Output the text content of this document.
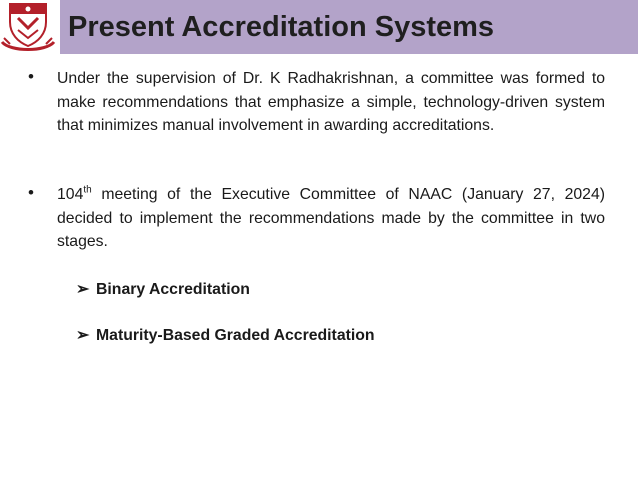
Present Accreditation Systems
• Under the supervision of Dr. K Radhakrishnan, a committee was formed to make recommendations that emphasize a simple, technology-driven system that minimizes manual involvement in awarding accreditations.
• 104th meeting of the Executive Committee of NAAC (January 27, 2024) decided to implement the recommendations made by the committee in two stages.
➢ Binary Accreditation
➢ Maturity-Based Graded Accreditation
